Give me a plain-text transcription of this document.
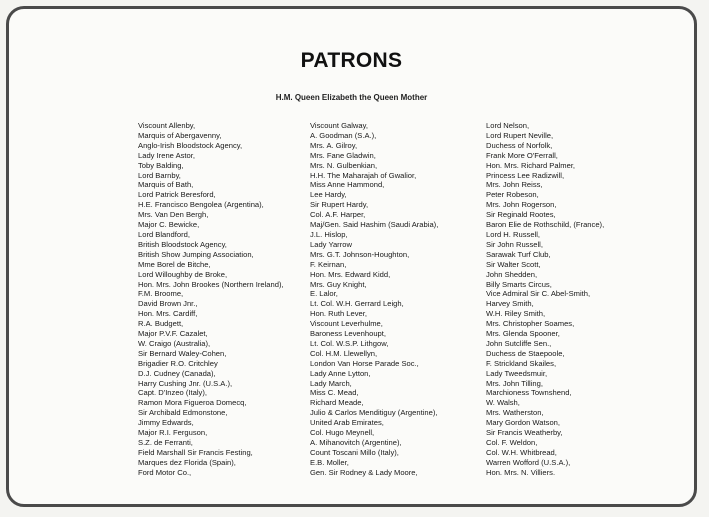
PATRONS
H.M. Queen Elizabeth the Queen Mother
Viscount Allenby,
Marquis of Abergavenny,
Anglo-Irish Bloodstock Agency,
Lady Irene Astor,
Toby Balding,
Lord Barnby,
Marquis of Bath,
Lord Patrick Beresford,
H.E. Francisco Bengolea (Argentina),
Mrs. Van Den Bergh,
Major C. Bewicke,
Lord Blandford,
British Bloodstock Agency,
British Show Jumping Association,
Mme Borel de Bitche,
Lord Willoughby de Broke,
Hon. Mrs. John Brookes (Northern Ireland),
F.M. Broome,
David Brown Jnr.,
Hon. Mrs. Cardiff,
R.A. Budgett,
Major P.V.F. Cazalet,
W. Craigo (Australia),
Sir Bernard Waley-Cohen,
Brigadier R.O. Critchley
D.J. Cudney (Canada),
Harry Cushing Jnr. (U.S.A.),
Capt. D'Inzeo (Italy),
Ramon Mora Figueroa Domecq,
Sir Archibald Edmonstone,
Jimmy Edwards,
Major R.I. Ferguson,
S.Z. de Ferranti,
Field Marshall Sir Francis Festing,
Marques dez Florida (Spain),
Ford Motor Co.,
Viscount Galway,
A. Goodman (S.A.),
Mrs. A. Gilroy,
Mrs. Fane Gladwin,
Mrs. N. Gulbenkian,
H.H. The Maharajah of Gwalior,
Miss Anne Hammond,
Lee Hardy,
Sir Rupert Hardy,
Col. A.F. Harper,
Maj/Gen. Said Hashim (Saudi Arabia),
J.L. Hislop,
Lady Yarrow
Mrs. G.T. Johnson-Houghton,
F. Keirnan,
Hon. Mrs. Edward Kidd,
Mrs. Guy Knight,
E. Lalor,
Lt. Col. W.H. Gerrard Leigh,
Hon. Ruth Lever,
Viscount Leverhulme,
Baroness Levenhoupt,
Lt. Col. W.S.P. Lithgow,
Col. H.M. Llewellyn,
London Van Horse Parade Soc.,
Lady Anne Lytton,
Lady March,
Miss C. Mead,
Richard Meade,
Julio & Carlos Menditiguy (Argentine),
United Arab Emirates,
Col. Hugo Meynell,
A. Mihanovitch (Argentine),
Count Toscani Millo (Italy),
E.B. Moller,
Gen. Sir Rodney & Lady Moore,
Lord Nelson,
Lord Rupert Neville,
Duchess of Norfolk,
Frank More O'Ferrall,
Hon. Mrs. Richard Palmer,
Princess Lee Radizwill,
Mrs. John Reiss,
Peter Robeson,
Mrs. John Rogerson,
Sir Reginald Rootes,
Baron Elie de Rothschild, (France),
Lord H. Russell,
Sir John Russell,
Sarawak Turf Club,
Sir Walter Scott,
John Shedden,
Billy Smarts Circus,
Vice Admiral Sir C. Abel-Smith,
Harvey Smith,
W.H. Riley Smith,
Mrs. Christopher Soames,
Mrs. Glenda Spooner,
John Sutcliffe Sen.,
Duchess de Staepoole,
F. Strickland Skailes,
Lady Tweedsmuir,
Mrs. John Tilling,
Marchioness Townshend,
W. Walsh,
Mrs. Watherston,
Mary Gordon Watson,
Sir Francis Weatherby,
Col. F. Weldon,
Col. W.H. Whitbread,
Warren Wofford (U.S.A.),
Hon. Mrs. N. Villiers.
